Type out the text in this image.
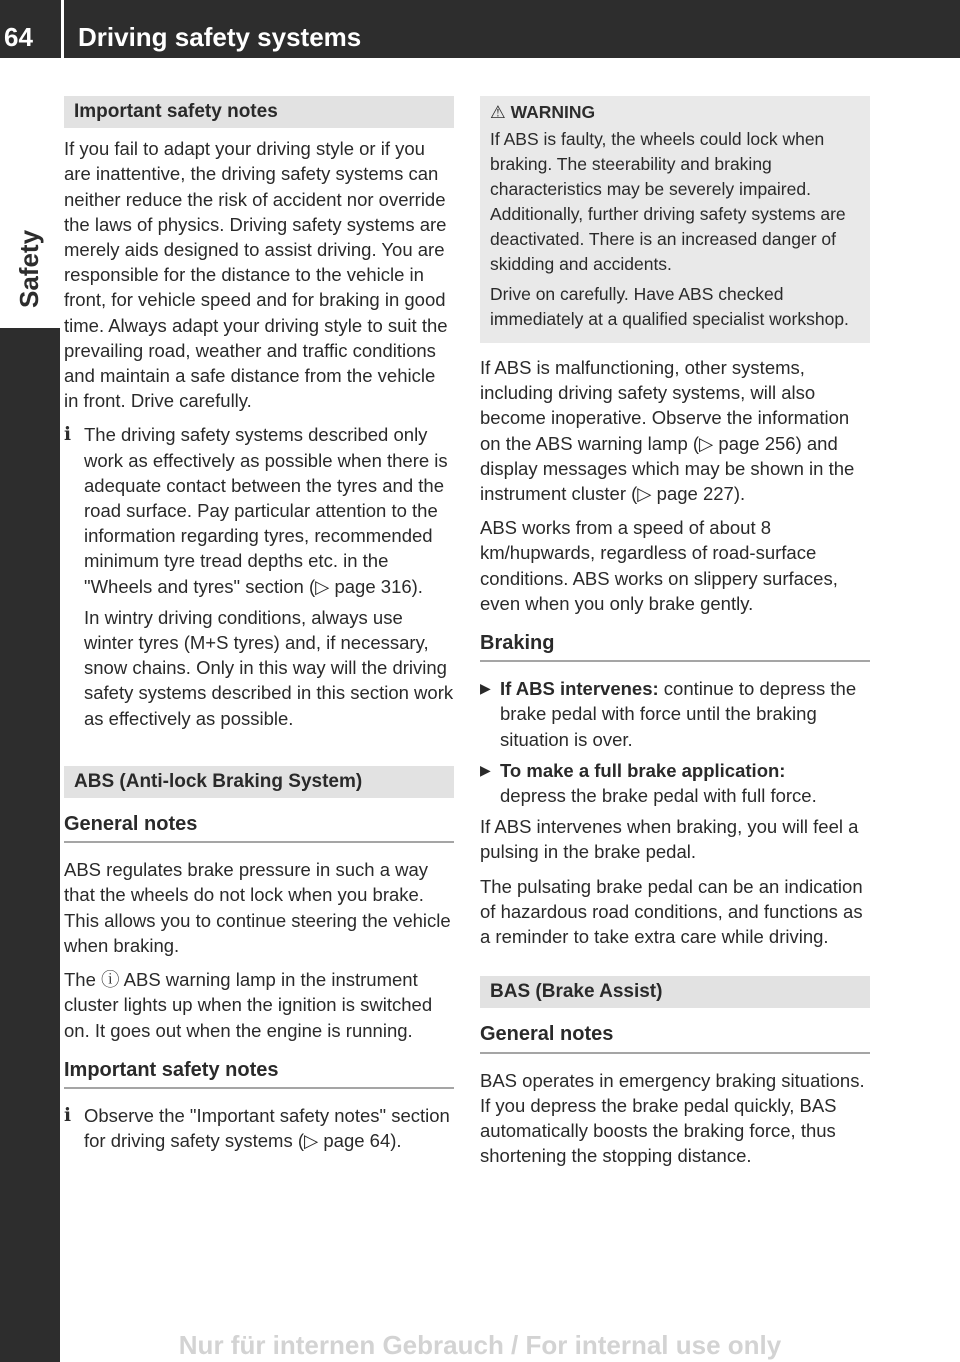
64 Driving safety systems
Safety
Important safety notes

If you fail to adapt your driving style or if you are inattentive, the driving safety systems can neither reduce the risk of accident nor override the laws of physics. Driving safety systems are merely aids designed to assist driving. You are responsible for the distance to the vehicle in front, for vehicle speed and for braking in good time. Always adapt your driving style to suit the prevailing road, weather and traffic conditions and maintain a safe distance from the vehicle in front. Drive carefully.

i The driving safety systems described only work as effectively as possible when there is adequate contact between the tyres and the road surface. Pay particular attention to the information regarding tyres, recommended minimum tyre tread depths etc. in the "Wheels and tyres" section (▷ page 316).

In wintry driving conditions, always use winter tyres (M+S tyres) and, if necessary, snow chains. Only in this way will the driving safety systems described in this section work as effectively as possible.

ABS (Anti-lock Braking System)
General notes

ABS regulates brake pressure in such a way that the wheels do not lock when you brake. This allows you to continue steering the vehicle when braking.

The ⓘ ABS warning lamp in the instrument cluster lights up when the ignition is switched on. It goes out when the engine is running.

Important safety notes
i Observe the "Important safety notes" section for driving safety systems (▷ page 64).

⚠ WARNING

If ABS is faulty, the wheels could lock when braking. The steerability and braking characteristics may be severely impaired. Additionally, further driving safety systems are deactivated. There is an increased danger of skidding and accidents.

Drive on carefully. Have ABS checked immediately at a qualified specialist workshop.

If ABS is malfunctioning, other systems, including driving safety systems, will also become inoperative. Observe the information on the ABS warning lamp (▷ page 256) and display messages which may be shown in the instrument cluster (▷ page 227).

ABS works from a speed of about 8 km/hupwards, regardless of road-surface conditions. ABS works on slippery surfaces, even when you only brake gently.

Braking
▶ If ABS intervenes: continue to depress the brake pedal with force until the braking situation is over.
▶ To make a full brake application:
depress the brake pedal with full force.

If ABS intervenes when braking, you will feel a pulsing in the brake pedal.

The pulsating brake pedal can be an indication of hazardous road conditions, and functions as a reminder to take extra care while driving.

BAS (Brake Assist)
General notes

BAS operates in emergency braking situations. If you depress the brake pedal quickly, BAS automatically boosts the braking force, thus shortening the stopping distance.

Nur für internen Gebrauch / For internal use only
